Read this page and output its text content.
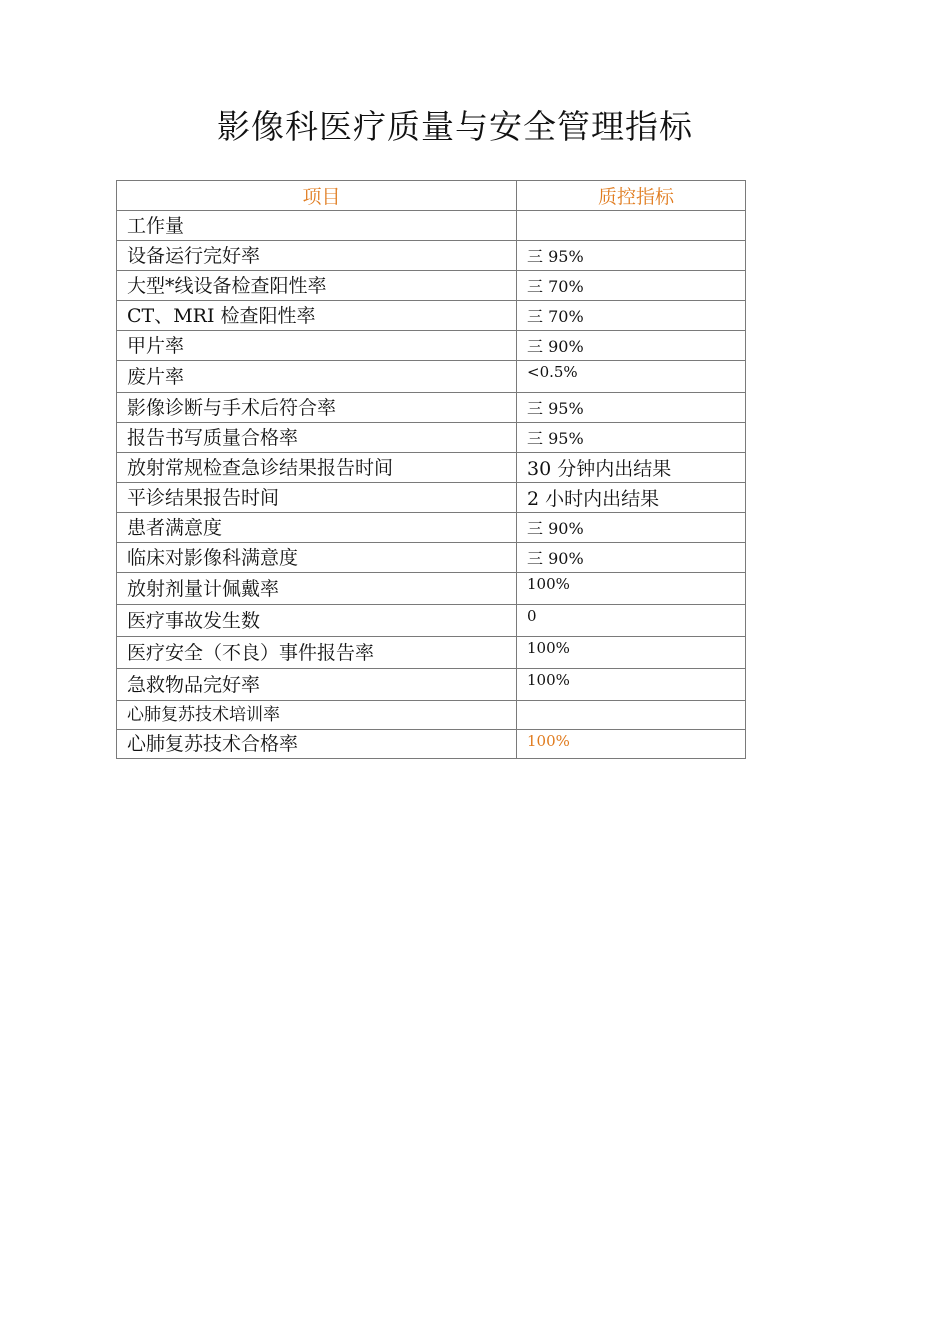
影像科医疗质量与安全管理指标
项目	质控指标
工作量	
设备运行完好率	三 95%
大型*线设备检查阳性率	三 70%
CT、MRI 检查阳性率	三 70%
甲片率	三 90%
废片率	<0.5%
影像诊断与手术后符合率	三 95%
报告书写质量合格率	三 95%
放射常规检查急诊结果报告时间	30 分钟内出结果
平诊结果报告时间	2 小时内出结果
患者满意度	三 90%
临床对影像科满意度	三 90%
放射剂量计佩戴率	100%
医疗事故发生数	0
医疗安全（不良）事件报告率	100%
急救物品完好率	100%
心肺复苏技术培训率	
心肺复苏技术合格率	100%
